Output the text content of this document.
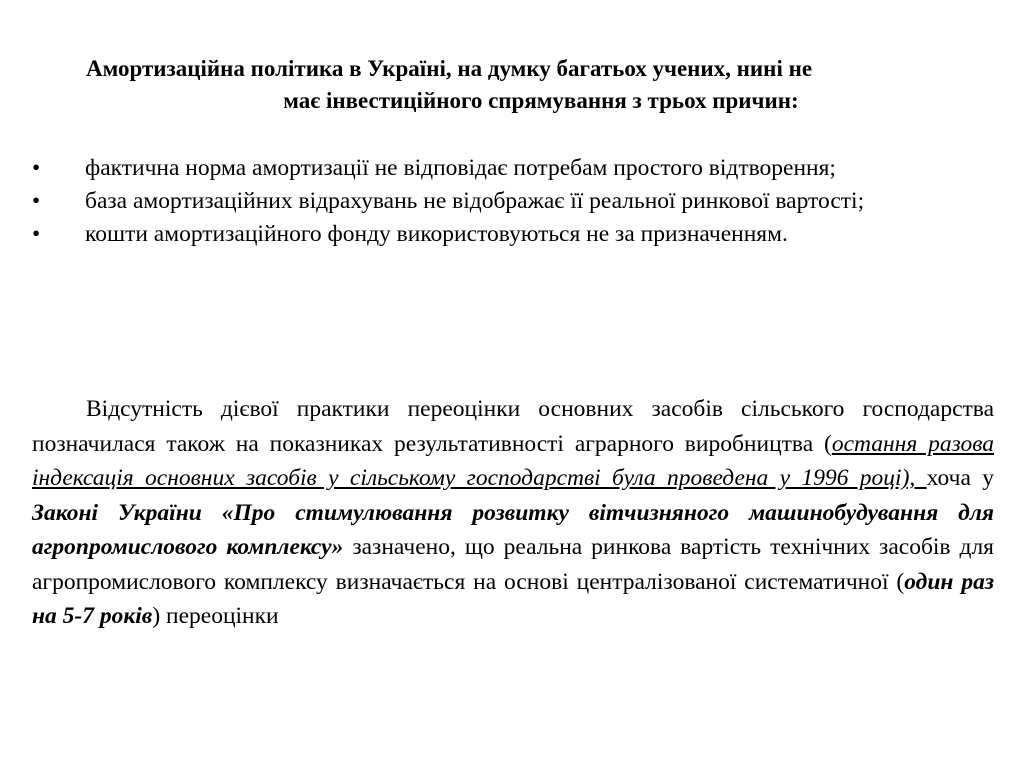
Амортизаційна політика в Україні, на думку багатьох учених, нині не
має інвестиційного спрямування з трьох причин:
• фактична норма амортизації не відповідає потребам простого відтворення;
• база амортизаційних відрахувань не відображає її реальної ринкової вартості;
• кошти амортизаційного фонду використовуються не за призначенням.
Відсутність дієвої практики переоцінки основних засобів сільського господарства позначилася також на показниках результативності аграрного виробництва (остання разова індексація основних засобів у сільському господарстві була проведена у 1996 році), хоча у Законі України «Про стимулювання розвитку вітчизняного машинобудування для агропромислового комплексу» зазначено, що реальна ринкова вартість технічних засобів для агропромислового комплексу визначається на основі централізованої систематичної (один раз на 5-7 років) переоцінки
